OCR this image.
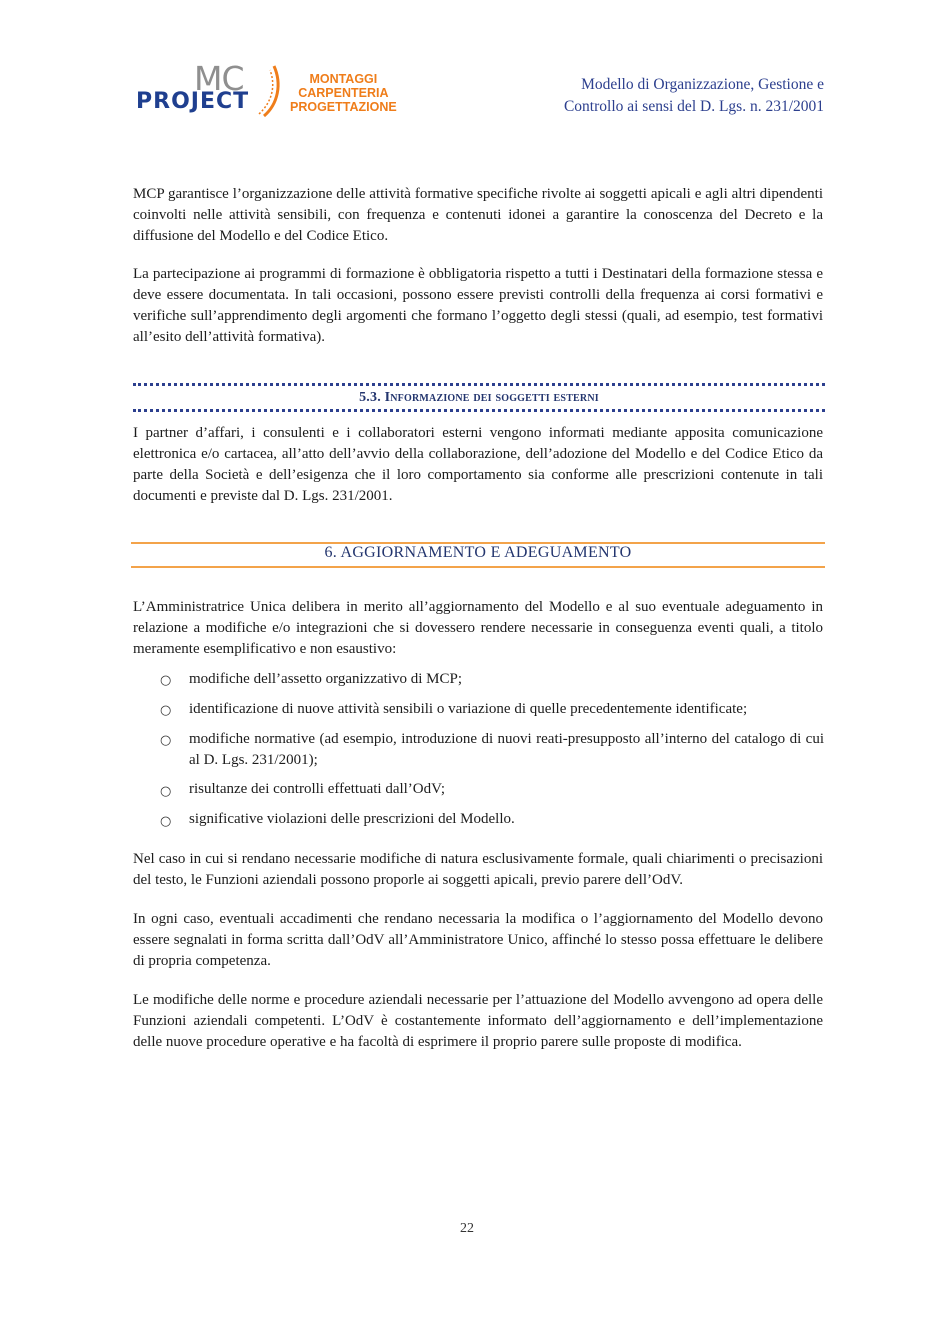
MC
PROJECT
MONTAGGI
CARPENTERIA
PROGETTAZIONE
Modello di Organizzazione, Gestione e
Controllo ai sensi del D. Lgs. n. 231/2001
MCP garantisce l’organizzazione delle attività formative specifiche rivolte ai soggetti apicali e agli altri dipendenti coinvolti nelle attività sensibili, con frequenza e contenuti idonei a garantire la conoscenza del Decreto e la diffusione del Modello e del Codice Etico.
La partecipazione ai programmi di formazione è obbligatoria rispetto a tutti i Destinatari della formazione stessa e deve essere documentata. In tali occasioni, possono essere previsti controlli della frequenza ai corsi formativi e verifiche sull’apprendimento degli argomenti che formano l’oggetto degli stessi (quali, ad esempio, test formativi all’esito dell’attività formativa).
5.3. Informazione dei soggetti esterni
I partner d’affari, i consulenti e i collaboratori esterni vengono informati mediante apposita comunicazione elettronica e/o cartacea, all’atto dell’avvio della collaborazione, dell’adozione del Modello e del Codice Etico da parte della Società e dell’esigenza che il loro comportamento sia conforme alle prescrizioni contenute in tali documenti e previste dal D. Lgs. 231/2001.
6. AGGIORNAMENTO E ADEGUAMENTO
L’Amministratrice Unica delibera in merito all’aggiornamento del Modello e al suo eventuale adeguamento in relazione a modifiche e/o integrazioni che si dovessero rendere necessarie in conseguenza eventi quali, a titolo meramente esemplificativo e non esaustivo:
○ modifiche dell’assetto organizzativo di MCP;
○ identificazione di nuove attività sensibili o variazione di quelle precedentemente identificate;
○ modifiche normative (ad esempio, introduzione di nuovi reati-presupposto all’interno del catalogo di cui al D. Lgs. 231/2001);
○ risultanze dei controlli effettuati dall’OdV;
○ significative violazioni delle prescrizioni del Modello.
Nel caso in cui si rendano necessarie modifiche di natura esclusivamente formale, quali chiarimenti o precisazioni del testo, le Funzioni aziendali possono proporle ai soggetti apicali, previo parere dell’OdV.
In ogni caso, eventuali accadimenti che rendano necessaria la modifica o l’aggiornamento del Modello devono essere segnalati in forma scritta dall’OdV all’Amministratore Unico, affinché lo stesso possa effettuare le delibere di propria competenza.
Le modifiche delle norme e procedure aziendali necessarie per l’attuazione del Modello avvengono ad opera delle Funzioni aziendali competenti. L’OdV è costantemente informato dell’aggiornamento e dell’implementazione delle nuove procedure operative e ha facoltà di esprimere il proprio parere sulle proposte di modifica.
22
